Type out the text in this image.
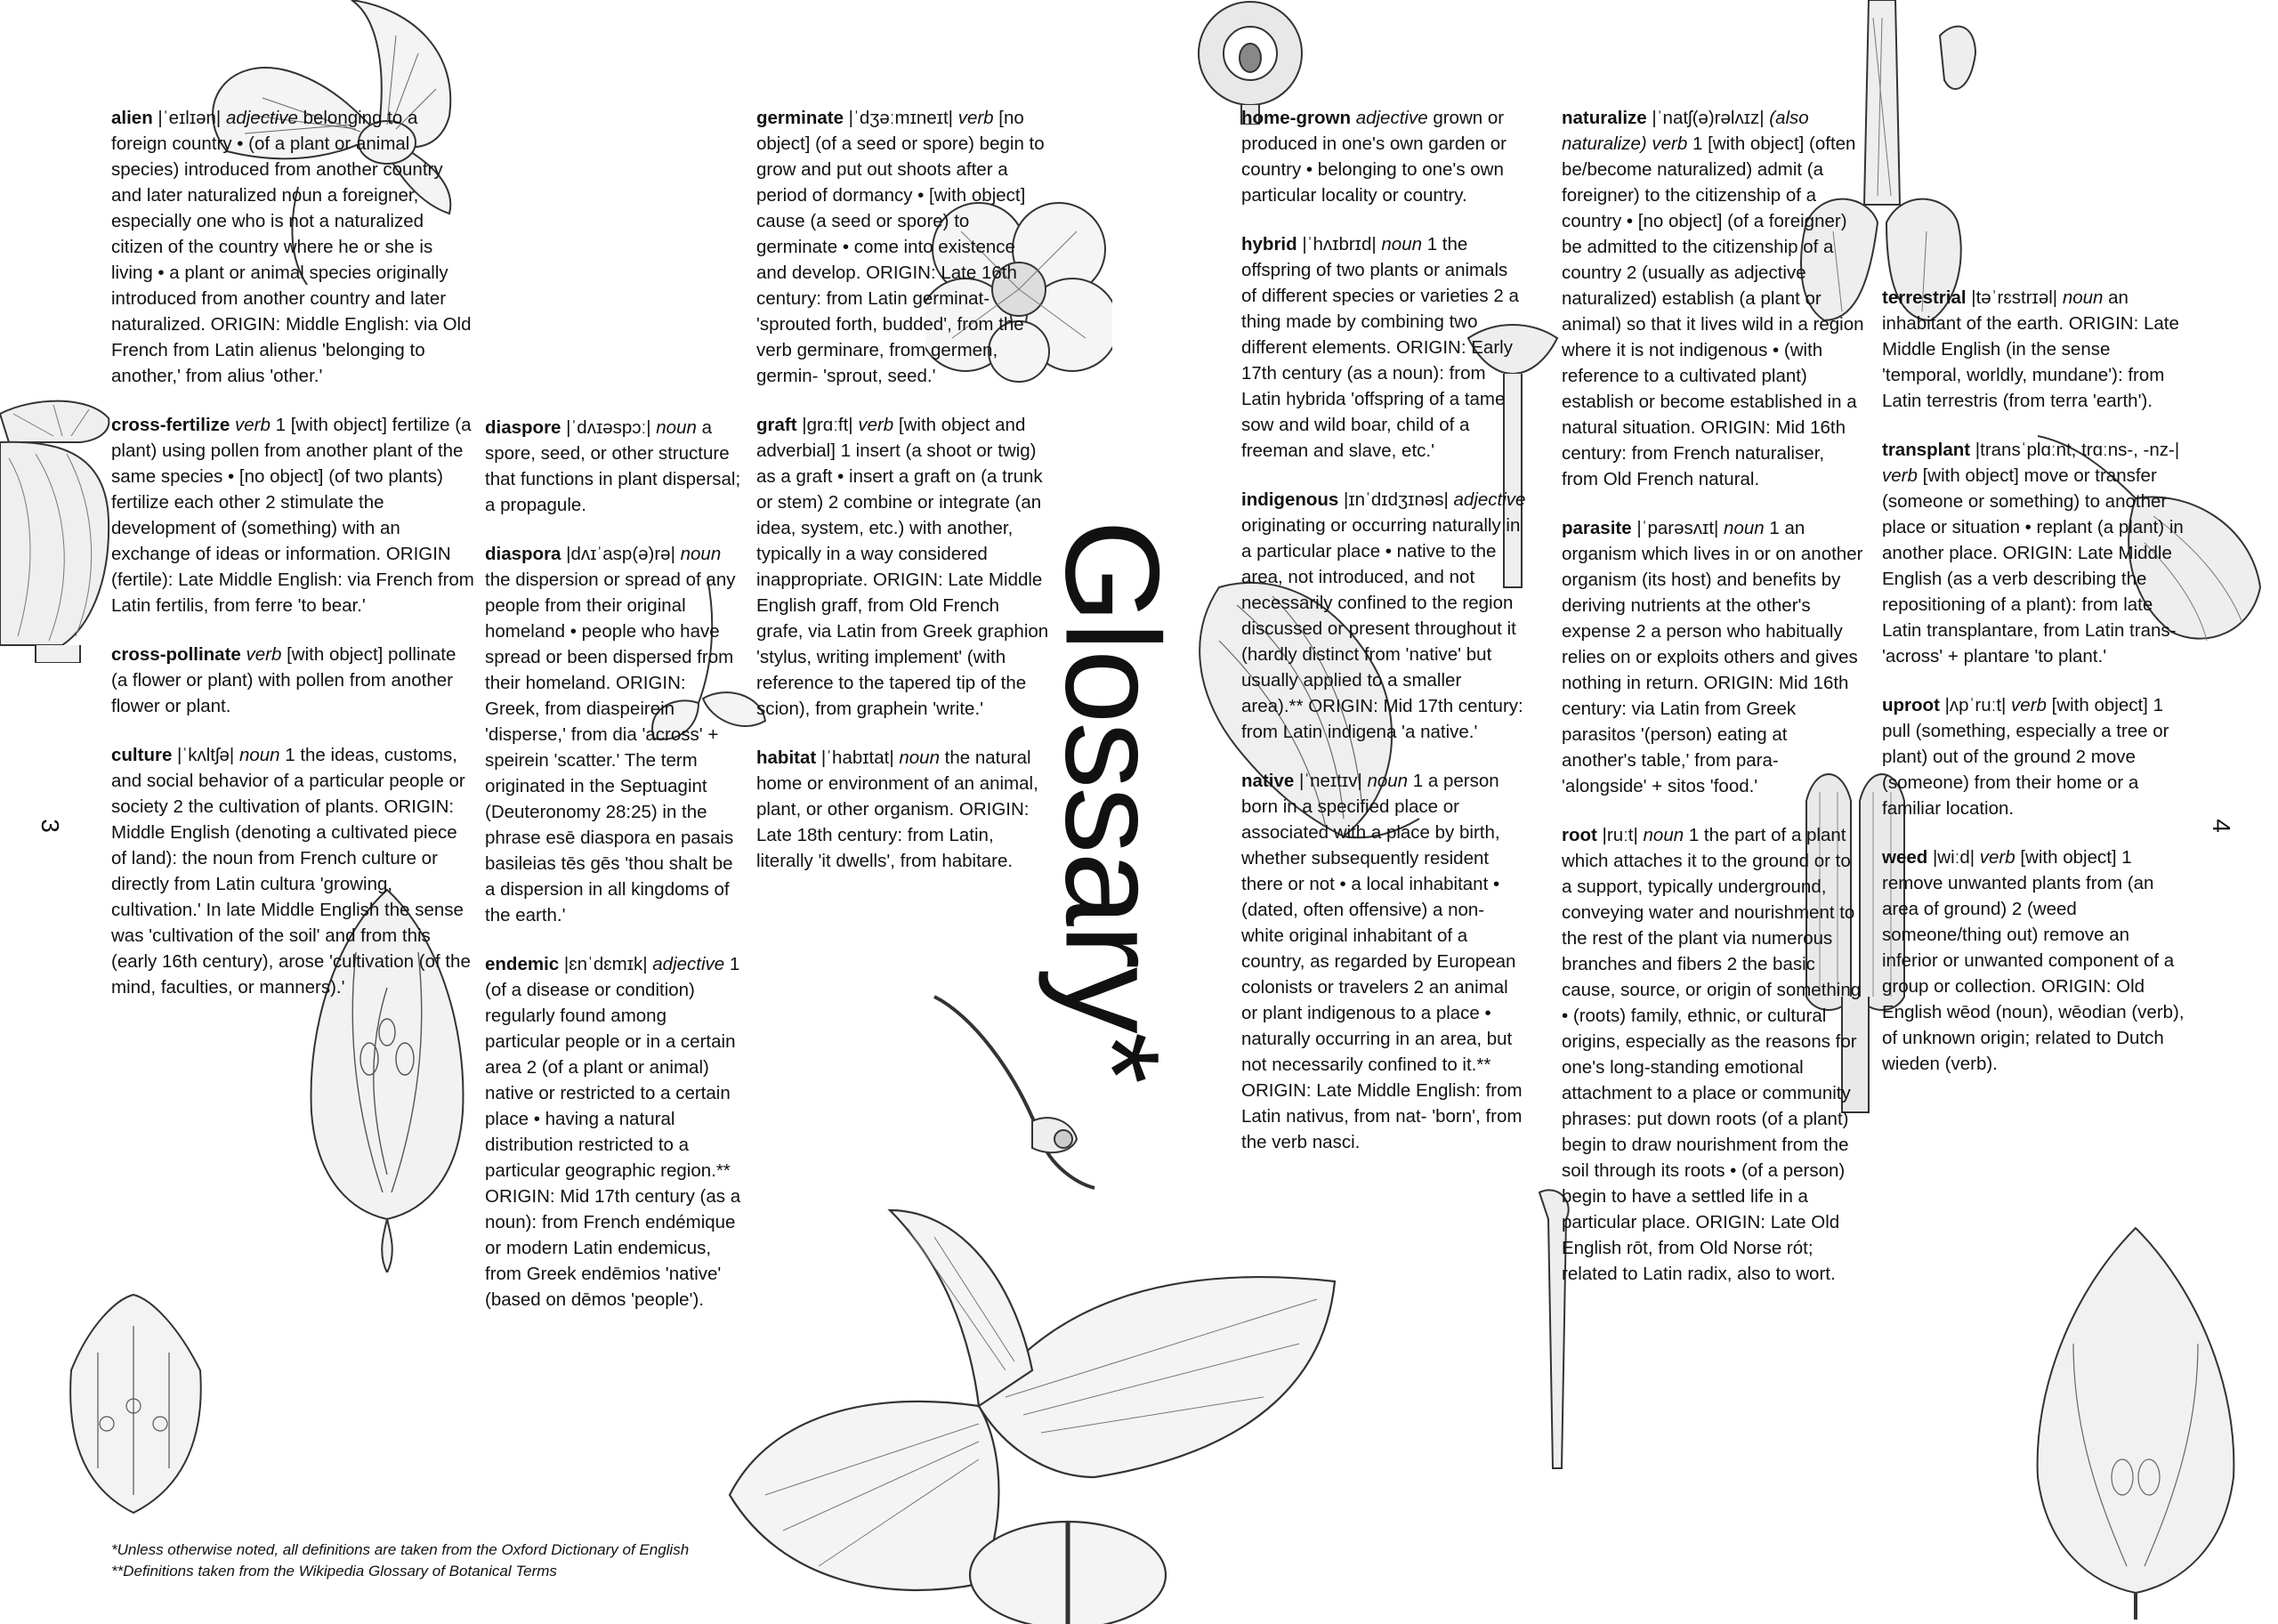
3	4
Glossary*

alien |ˈeɪlɪən| adjective belonging to a foreign country • (of a plant or animal species) introduced from another country and later naturalized noun a foreigner, especially one who is not a naturalized citizen of the country where he or she is living • a plant or animal species originally introduced from another country and later naturalized. ORIGIN: Middle English: via Old French from Latin alienus 'belonging to another,' from alius 'other.'

cross-fertilize verb 1 [with object] fertilize (a plant) using pollen from another plant of the same species • [no object] (of two plants) fertilize each other 2 stimulate the development of (something) with an exchange of ideas or information. ORIGIN (fertile): Late Middle English: via French from Latin fertilis, from ferre 'to bear.'

cross-pollinate verb [with object] pollinate (a flower or plant) with pollen from another flower or plant.

culture |ˈkʌltʃə| noun 1 the ideas, customs, and social behavior of a particular people or society 2 the cultivation of plants. ORIGIN: Middle English (denoting a cultivated piece of land): the noun from French culture or directly from Latin cultura 'growing, cultivation.' In late Middle English the sense was 'cultivation of the soil' and from this (early 16th century), arose 'cultivation (of the mind, faculties, or manners).'

diaspore |ˈdʌɪəspɔː| noun a spore, seed, or other structure that functions in plant dispersal; a propagule.

diaspora |dʌɪˈasp(ə)rə| noun the dispersion or spread of any people from their original homeland • people who have spread or been dispersed from their homeland. ORIGIN: Greek, from diaspeirein 'disperse,' from dia 'across' + speirein 'scatter.' The term originated in the Septuagint (Deuteronomy 28:25) in the phrase esē diaspora en pasais basileias tēs gēs 'thou shalt be a dispersion in all kingdoms of the earth.'

endemic |ɛnˈdɛmɪk| adjective 1 (of a disease or condition) regularly found among particular people or in a certain area 2 (of a plant or animal) native or restricted to a certain place • having a natural distribution restricted to a particular geographic region.** ORIGIN: Mid 17th century (as a noun): from French endémique or modern Latin endemicus, from Greek endēmios 'native' (based on dēmos 'people').

germinate |ˈdʒəːmɪneɪt| verb [no object] (of a seed or spore) begin to grow and put out shoots after a period of dormancy • [with object] cause (a seed or spore) to germinate • come into existence and develop. ORIGIN: Late 16th century: from Latin germinat- 'sprouted forth, budded', from the verb germinare, from germen, germin- 'sprout, seed.'

graft |ɡrɑːft| verb [with object and adverbial] 1 insert (a shoot or twig) as a graft • insert a graft on (a trunk or stem) 2 combine or integrate (an idea, system, etc.) with another, typically in a way considered inappropriate. ORIGIN: Late Middle English graff, from Old French grafe, via Latin from Greek graphion 'stylus, writing implement' (with reference to the tapered tip of the scion), from graphein 'write.'

habitat |ˈhabɪtat| noun the natural home or environment of an animal, plant, or other organism. ORIGIN: Late 18th century: from Latin, literally 'it dwells', from habitare.

home-grown adjective grown or produced in one's own garden or country • belonging to one's own particular locality or country.

hybrid |ˈhʌɪbrɪd| noun 1 the offspring of two plants or animals of different species or varieties 2 a thing made by combining two different elements. ORIGIN: Early 17th century (as a noun): from Latin hybrida 'offspring of a tame sow and wild boar, child of a freeman and slave, etc.'

indigenous |ɪnˈdɪdʒɪnəs| adjective originating or occurring naturally in a particular place • native to the area, not introduced, and not necessarily confined to the region discussed or present throughout it (hardly distinct from 'native' but usually applied to a smaller area).** ORIGIN: Mid 17th century: from Latin indigena 'a native.'

native |ˈneɪtɪv| noun 1 a person born in a specified place or associated with a place by birth, whether subsequently resident there or not • a local inhabitant • (dated, often offensive) a non-white original inhabitant of a country, as regarded by European colonists or travelers 2 an animal or plant indigenous to a place • naturally occurring in an area, but not necessarily confined to it.** ORIGIN: Late Middle English: from Latin nativus, from nat- 'born', from the verb nasci.

naturalize |ˈnatʃ(ə)rəlʌɪz| (also naturalize) verb 1 [with object] (often be/become naturalized) admit (a foreigner) to the citizenship of a country • [no object] (of a foreigner) be admitted to the citizenship of a country 2 (usually as adjective naturalized) establish (a plant or animal) so that it lives wild in a region where it is not indigenous • (with reference to a cultivated plant) establish or become established in a natural situation. ORIGIN: Mid 16th century: from French naturaliser, from Old French natural.

parasite |ˈparəsʌɪt| noun 1 an organism which lives in or on another organism (its host) and benefits by deriving nutrients at the other's expense 2 a person who habitually relies on or exploits others and gives nothing in return. ORIGIN: Mid 16th century: via Latin from Greek parasitos '(person) eating at another's table,' from para- 'alongside' + sitos 'food.'

root |ruːt| noun 1 the part of a plant which attaches it to the ground or to a support, typically underground, conveying water and nourishment to the rest of the plant via numerous branches and fibers 2 the basic cause, source, or origin of something • (roots) family, ethnic, or cultural origins, especially as the reasons for one's long-standing emotional attachment to a place or community phrases: put down roots (of a plant) begin to draw nourishment from the soil through its roots • (of a person) begin to have a settled life in a particular place. ORIGIN: Late Old English rōt, from Old Norse rót; related to Latin radix, also to wort.

terrestrial |təˈrɛstrɪəl| noun an inhabitant of the earth. ORIGIN: Late Middle English (in the sense 'temporal, worldly, mundane'): from Latin terrestris (from terra 'earth').

transplant |transˈplɑːnt, trɑːns-, -nz-| verb [with object] move or transfer (someone or something) to another place or situation • replant (a plant) in another place. ORIGIN: Late Middle English (as a verb describing the repositioning of a plant): from late Latin transplantare, from Latin trans- 'across' + plantare 'to plant.'

uproot |ʌpˈruːt| verb [with object] 1 pull (something, especially a tree or plant) out of the ground 2 move (someone) from their home or a familiar location.

weed |wiːd| verb [with object] 1 remove unwanted plants from (an area of ground) 2 (weed someone/thing out) remove an inferior or unwanted component of a group or collection. ORIGIN: Old English wēod (noun), wēodian (verb), of unknown origin; related to Dutch wieden (verb).

*Unless otherwise noted, all definitions are taken from the Oxford Dictionary of English
**Definitions taken from the Wikipedia Glossary of Botanical Terms
